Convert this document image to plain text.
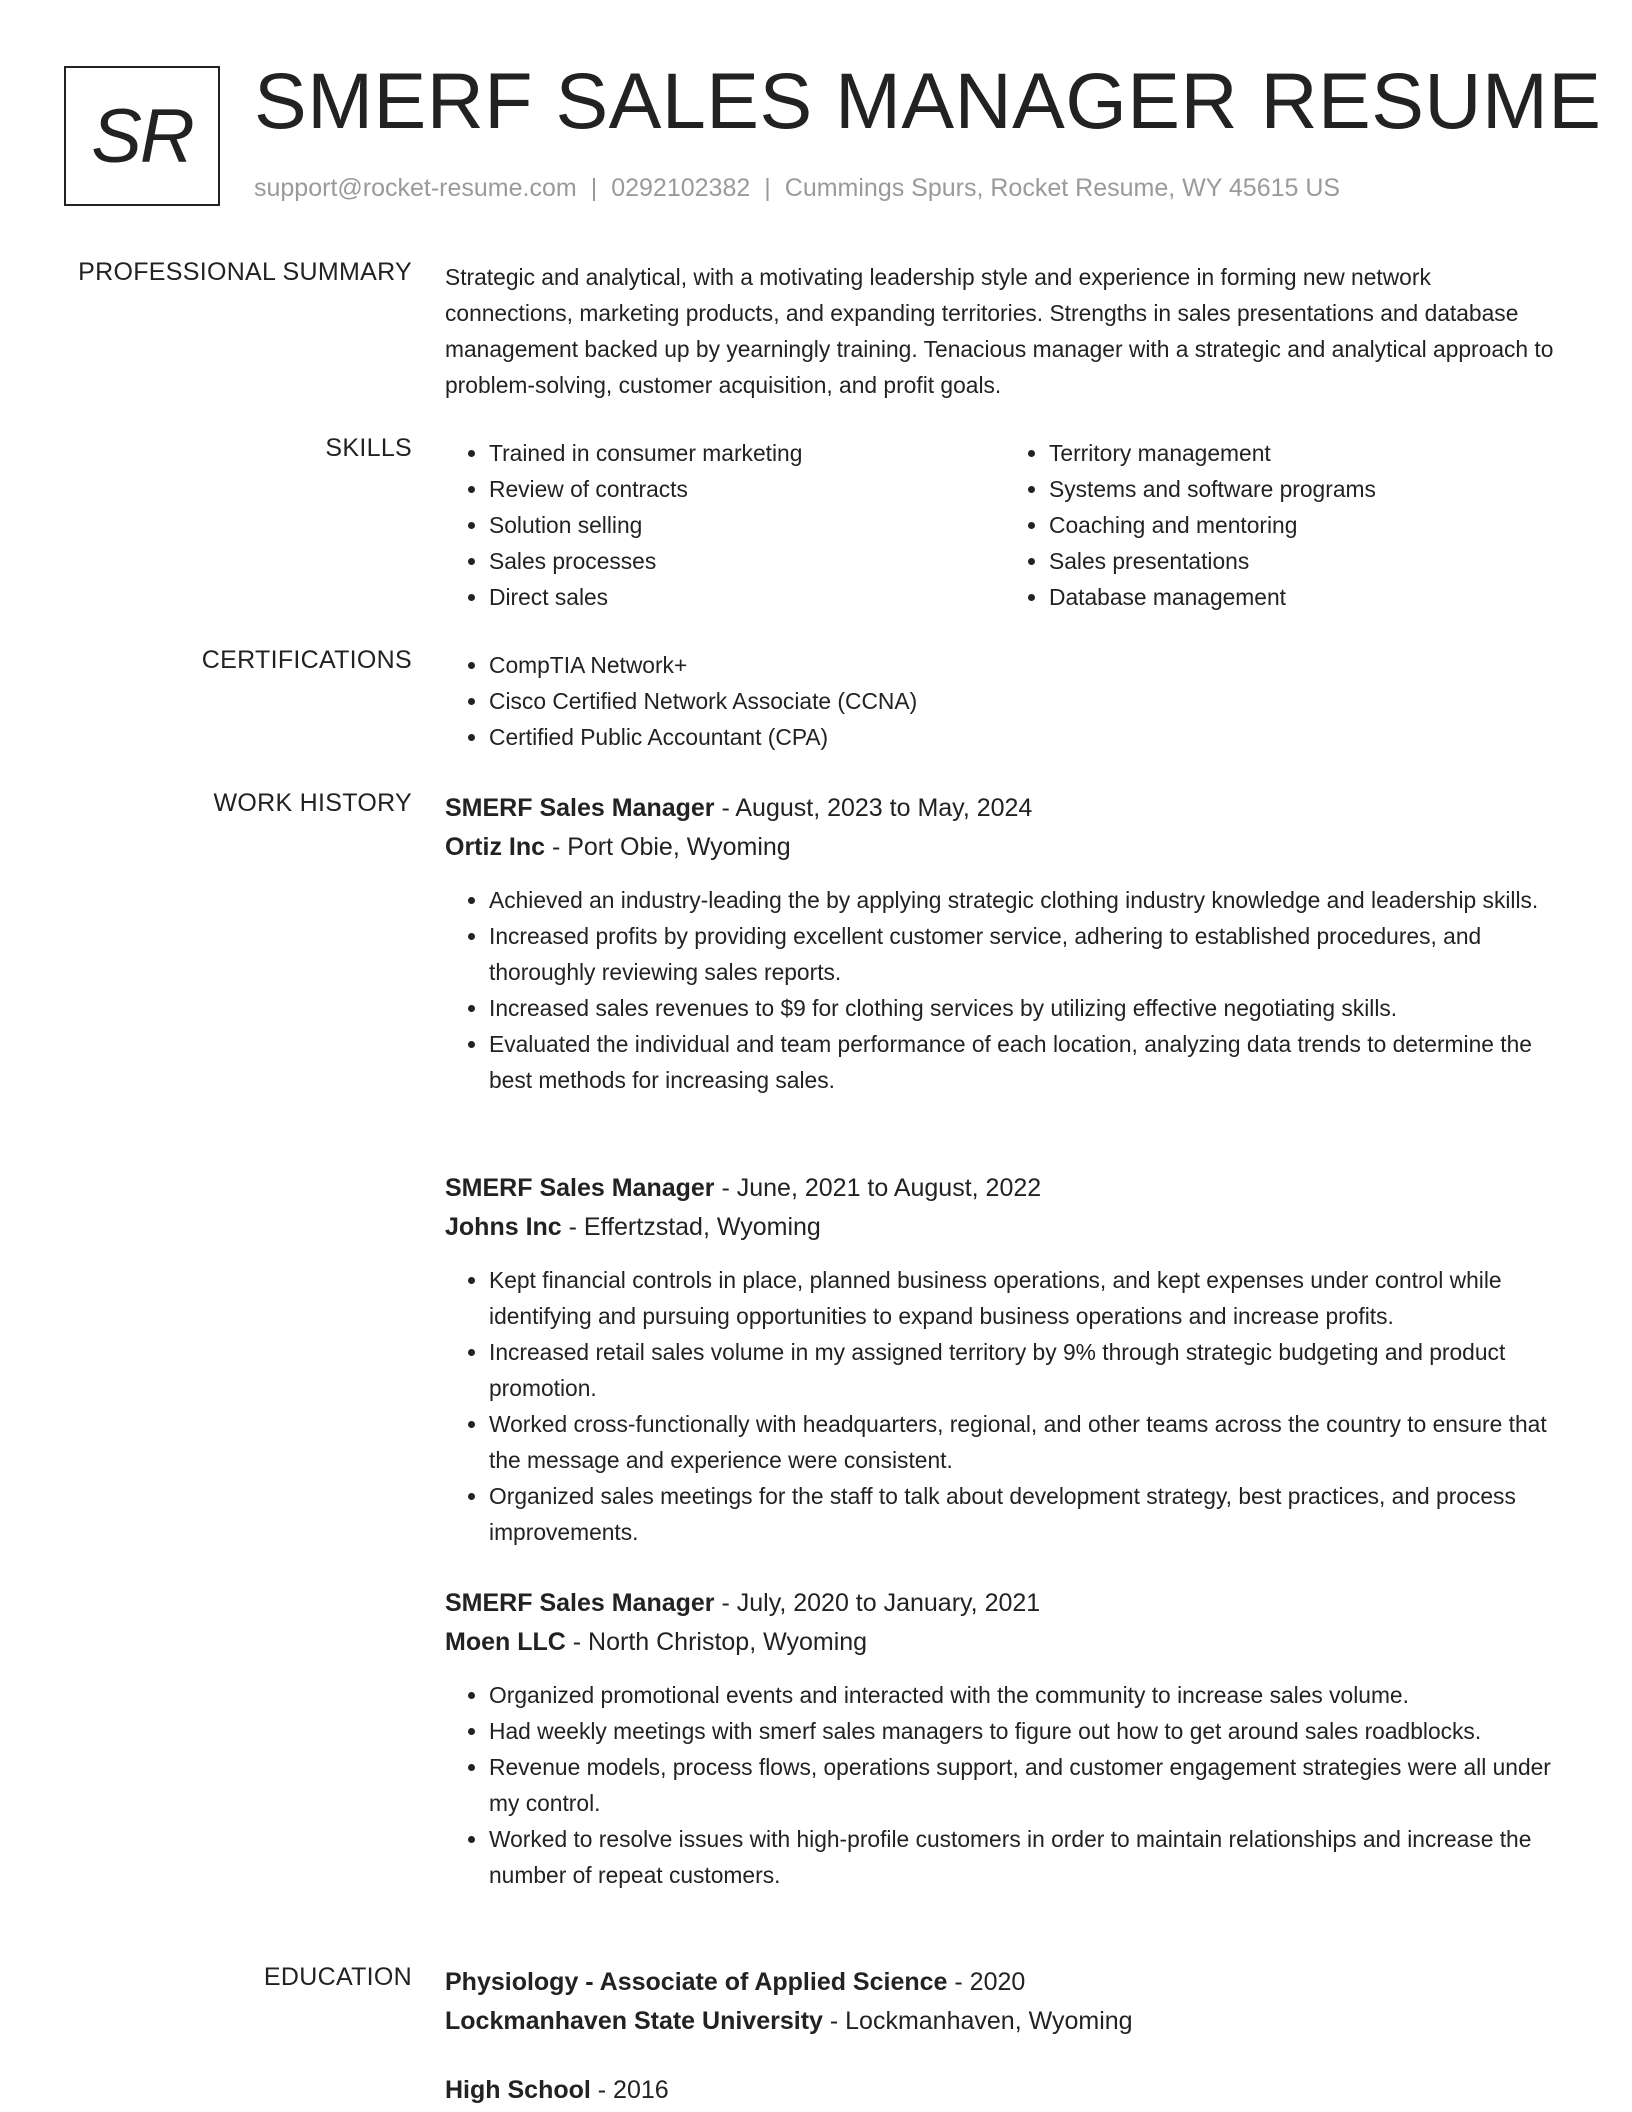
SR SMERF SALES MANAGER RESUME
support@rocket-resume.com | 0292102382 | Cummings Spurs, Rocket Resume, WY 45615 US
PROFESSIONAL SUMMARY Strategic and analytical, with a motivating leadership style and experience in forming new network connections, marketing products, and expanding territories. Strengths in sales presentations and database management backed up by yearningly training. Tenacious manager with a strategic and analytical approach to problem-solving, customer acquisition, and profit goals.

SKILLS	• Trained in consumer marketing
• Review of contracts
• Solution selling
• Sales processes
• Direct sales
• Territory management
• Systems and software programs
• Coaching and mentoring
• Sales presentations
• Database management
CERTIFICATIONS	• CompTIA Network+
• Cisco Certified Network Associate (CCNA)
• Certified Public Accountant (CPA)
WORK HISTORY SMERF Sales Manager - August, 2023 to May, 2024
Ortiz Inc - Port Obie, Wyoming
• Achieved an industry-leading the by applying strategic clothing industry knowledge and leadership skills.
• Increased profits by providing excellent customer service, adhering to established procedures, and thoroughly reviewing sales reports.
• Increased sales revenues to $9 for clothing services by utilizing effective negotiating skills.
• Evaluated the individual and team performance of each location, analyzing data trends to determine the best methods for increasing sales.
SMERF Sales Manager - June, 2021 to August, 2022
Johns Inc - Effertzstad, Wyoming
• Kept financial controls in place, planned business operations, and kept expenses under control while identifying and pursuing opportunities to expand business operations and increase profits.
• Increased retail sales volume in my assigned territory by 9% through strategic budgeting and product promotion.
• Worked cross-functionally with headquarters, regional, and other teams across the country to ensure that the message and experience were consistent.
• Organized sales meetings for the staff to talk about development strategy, best practices, and process improvements.
SMERF Sales Manager - July, 2020 to January, 2021
Moen LLC - North Christop, Wyoming
• Organized promotional events and interacted with the community to increase sales volume.
• Had weekly meetings with smerf sales managers to figure out how to get around sales roadblocks.
• Revenue models, process flows, operations support, and customer engagement strategies were all under my control.
• Worked to resolve issues with high-profile customers in order to maintain relationships and increase the number of repeat customers.
EDUCATION Physiology - Associate of Applied Science - 2020
Lockmanhaven State University - Lockmanhaven, Wyoming
High School - 2016
